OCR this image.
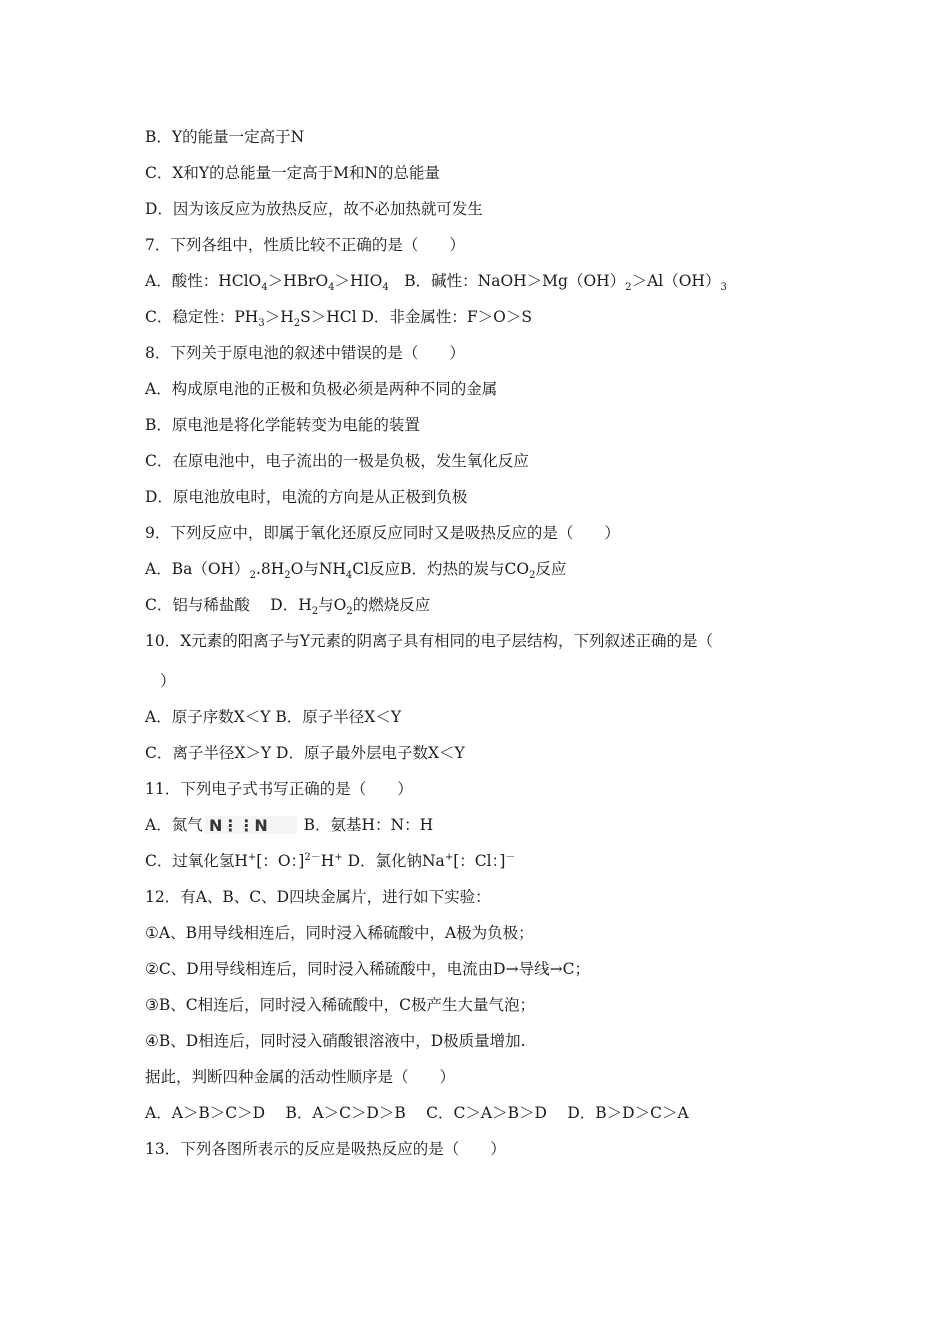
B．Y的能量一定高于N
C．X和Y的总能量一定高于M和N的总能量
D．因为该反应为放热反应，故不必加热就可发生
7．下列各组中，性质比较不正确的是（　　）
A．酸性：$HClO_4>HBrO_4>HIO_4$　B．碱性：$NaOH>Mg(OH)_2>Al(OH)_3$
C．稳定性：$PH_3>H_2S>HCl$ D．非金属性：F＞O＞S
8．下列关于原电池的叙述中错误的是（　　）
A．构成原电池的正极和负极必须是两种不同的金属
B．原电池是将化学能转变为电能的装置
C．在原电池中，电子流出的一极是负极，发生氧化反应
D．原电池放电时，电流的方向是从正极到负极
9．下列反应中，即属于氧化还原反应同时又是吸热反应的是（　　）
A．$Ba(OH)_2.8H_2O$与$NH_4Cl$反应B．灼热的炭与$CO_2$反应
C．铝与稀盐酸　 D．$H_2$与$O_2$的燃烧反应
10．X元素的阳离子与Y元素的阴离子具有相同的电子层结构，下列叙述正确的是（
）
A．原子序数X＜Y B．原子半径X＜Y
C．离子半径X＞Y D．原子最外层电子数X＜Y
11．下列电子式书写正确的是（　　）
A．氮气 N⋮⋮N B．氨基H：N：H
C．过氧化氢H+[：O：]$^{2-}$H+ D．氯化钠Na+[：Cl：]－
12．有A、B、C、D四块金属片，进行如下实验：
①A、B用导线相连后，同时浸入稀硫酸中，A极为负极；
②C、D用导线相连后，同时浸入稀硫酸中，电流由D→导线→C；
③B、C相连后，同时浸入稀硫酸中，C极产生大量气泡；
④B、D相连后，同时浸入硝酸银溶液中，D极质量增加.
据此，判断四种金属的活动性顺序是（　　）
A．A＞B＞C＞D　 B．A＞C＞D＞B　 C．C＞A＞B＞D　 D．B＞D＞C＞A
13．下列各图所表示的反应是吸热反应的是（　　）
